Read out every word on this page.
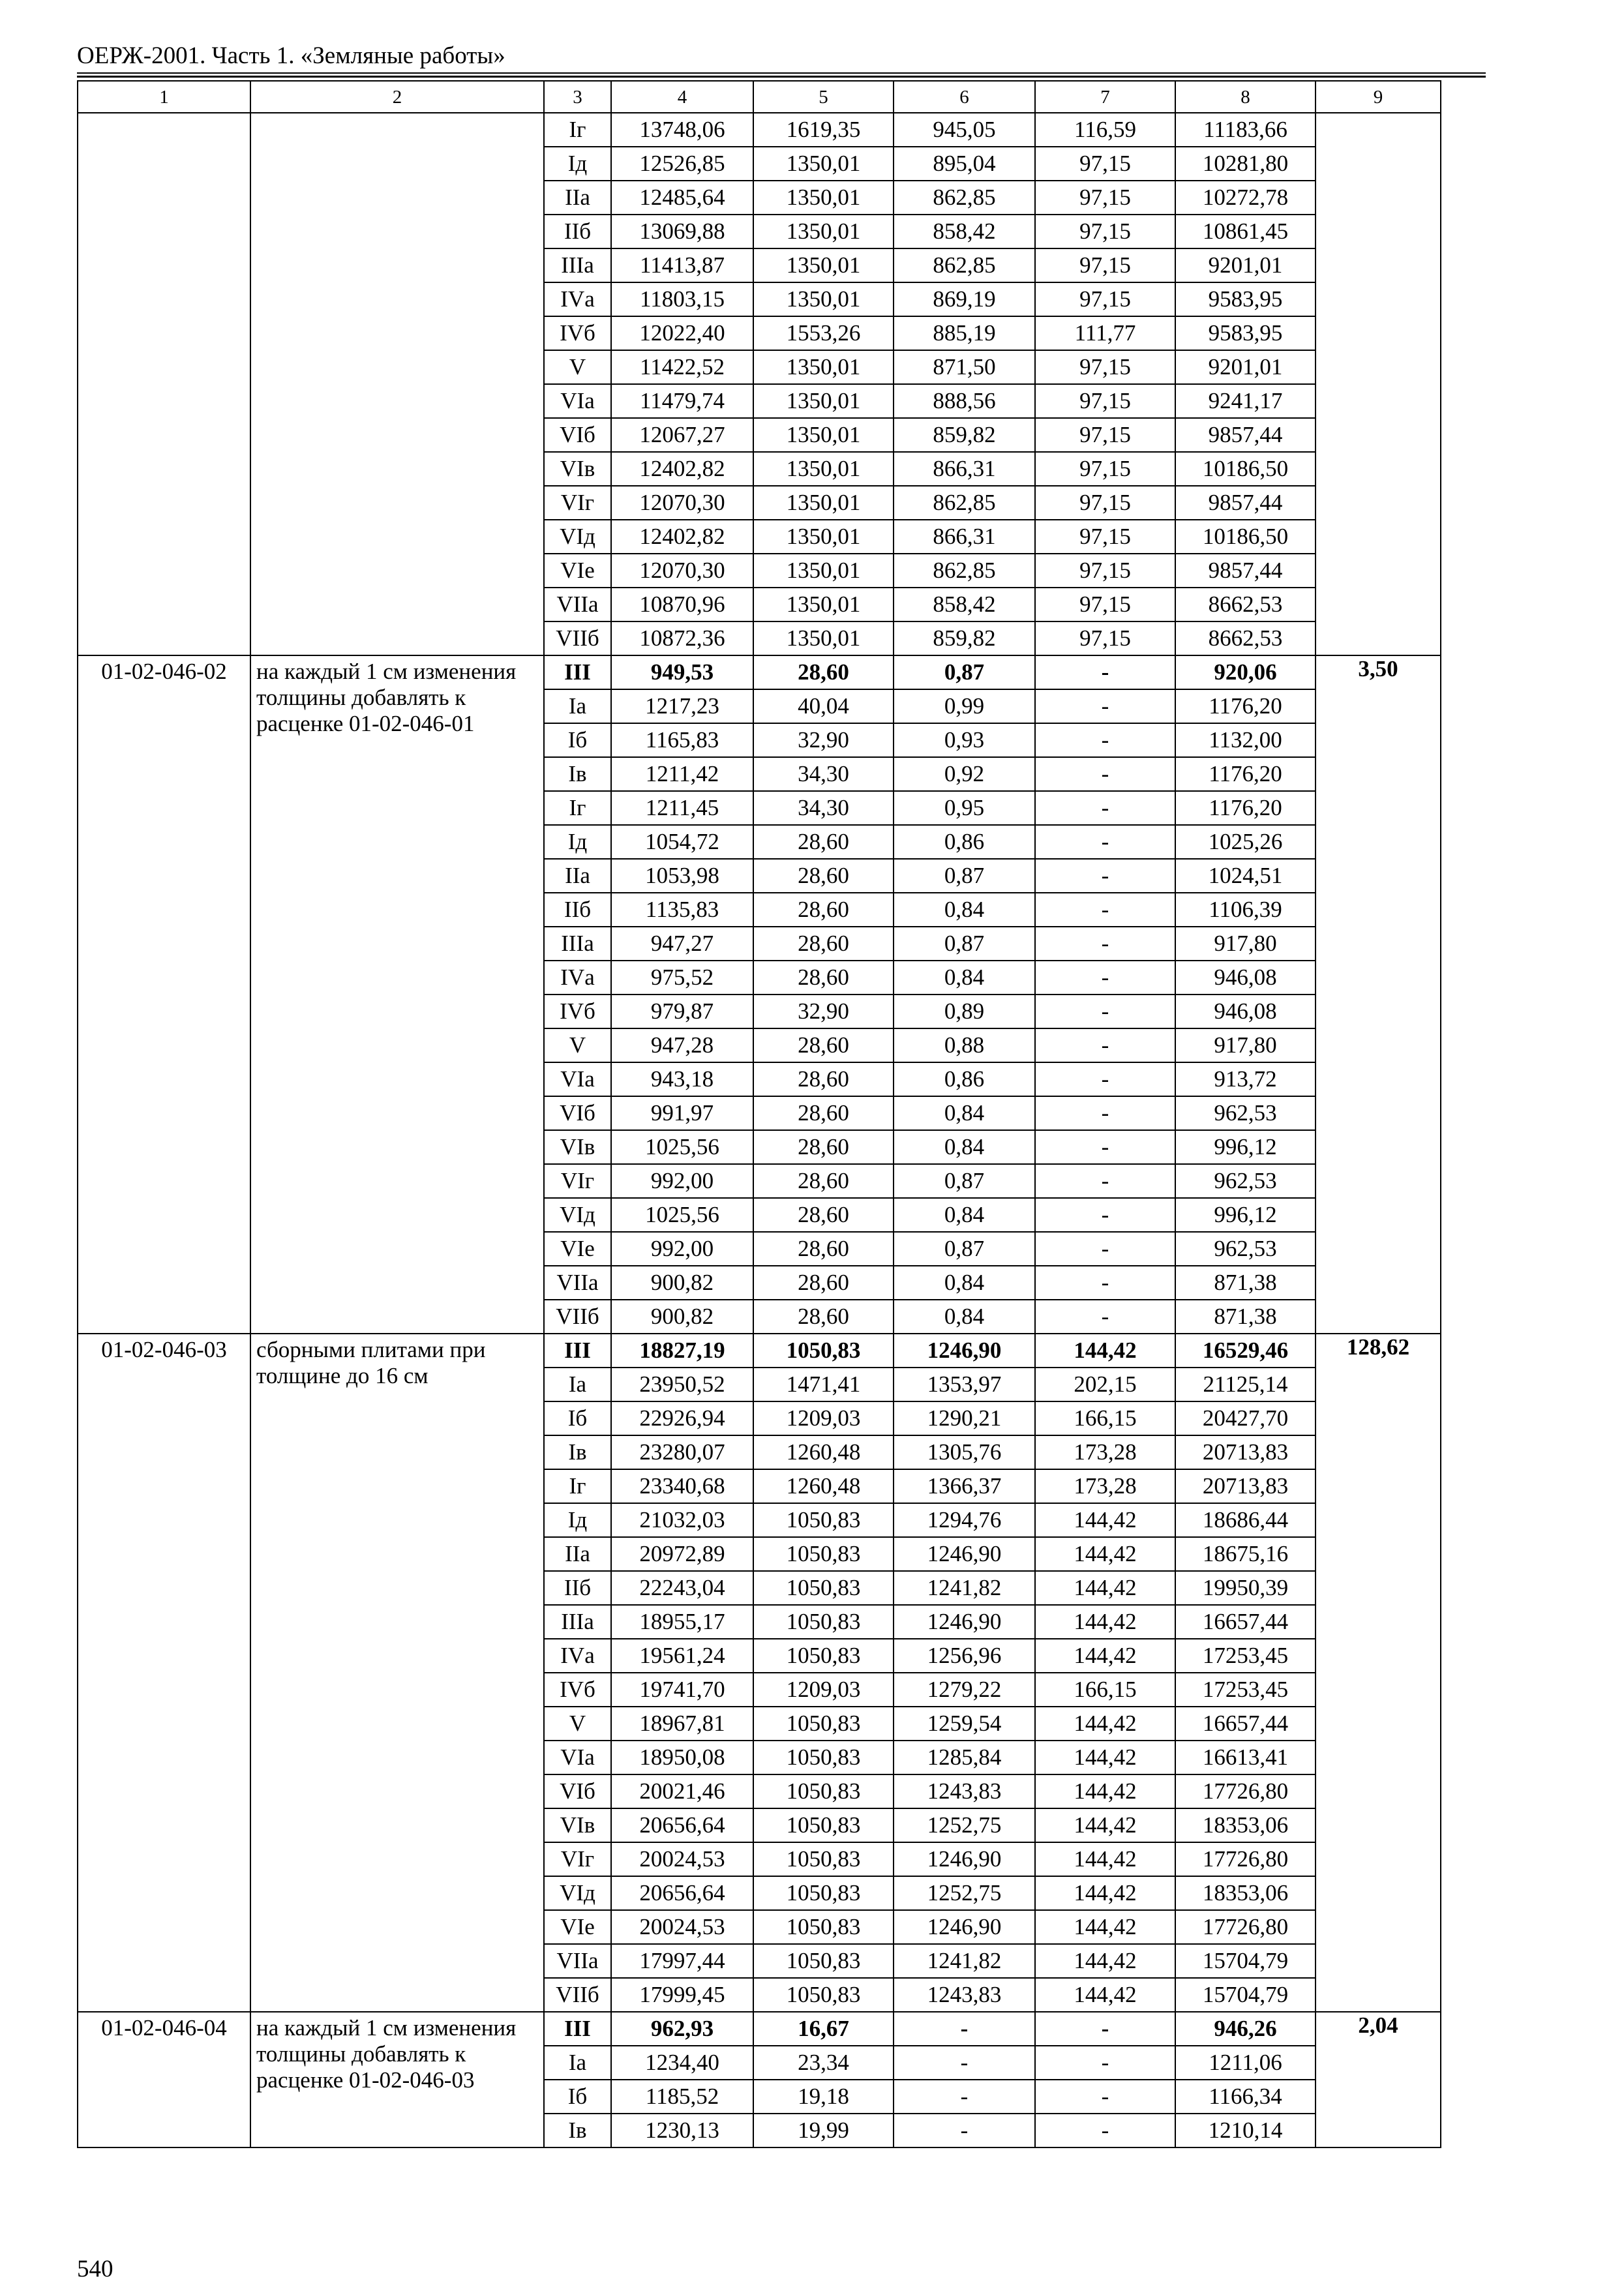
ОЕРЖ-2001. Часть 1. «Земляные работы»
1	2	3	4	5	6	7	8	9
		Iг	13748,06	1619,35	945,05	116,59	11183,66	
		Iд	12526,85	1350,01	895,04	97,15	10281,80	
		IIа	12485,64	1350,01	862,85	97,15	10272,78	
		IIб	13069,88	1350,01	858,42	97,15	10861,45	
		IIIа	11413,87	1350,01	862,85	97,15	9201,01	
		IVа	11803,15	1350,01	869,19	97,15	9583,95	
		IVб	12022,40	1553,26	885,19	111,77	9583,95	
		V	11422,52	1350,01	871,50	97,15	9201,01	
		VIа	11479,74	1350,01	888,56	97,15	9241,17	
		VIб	12067,27	1350,01	859,82	97,15	9857,44	
		VIв	12402,82	1350,01	866,31	97,15	10186,50	
		VIг	12070,30	1350,01	862,85	97,15	9857,44	
		VIд	12402,82	1350,01	866,31	97,15	10186,50	
		VIе	12070,30	1350,01	862,85	97,15	9857,44	
		VIIа	10870,96	1350,01	858,42	97,15	8662,53	
		VIIб	10872,36	1350,01	859,82	97,15	8662,53	
01-02-046-02	на каждый 1 см изменения толщины добавлять к расценке 01-02-046-01	III	949,53	28,60	0,87	-	920,06	3,50
		Iа	1217,23	40,04	0,99	-	1176,20	
		Iб	1165,83	32,90	0,93	-	1132,00	
		Iв	1211,42	34,30	0,92	-	1176,20	
		Iг	1211,45	34,30	0,95	-	1176,20	
		Iд	1054,72	28,60	0,86	-	1025,26	
		IIа	1053,98	28,60	0,87	-	1024,51	
		IIб	1135,83	28,60	0,84	-	1106,39	
		IIIа	947,27	28,60	0,87	-	917,80	
		IVа	975,52	28,60	0,84	-	946,08	
		IVб	979,87	32,90	0,89	-	946,08	
		V	947,28	28,60	0,88	-	917,80	
		VIа	943,18	28,60	0,86	-	913,72	
		VIб	991,97	28,60	0,84	-	962,53	
		VIв	1025,56	28,60	0,84	-	996,12	
		VIг	992,00	28,60	0,87	-	962,53	
		VIд	1025,56	28,60	0,84	-	996,12	
		VIе	992,00	28,60	0,87	-	962,53	
		VIIа	900,82	28,60	0,84	-	871,38	
		VIIб	900,82	28,60	0,84	-	871,38	
01-02-046-03	сборными плитами при толщине до 16 см	III	18827,19	1050,83	1246,90	144,42	16529,46	128,62
		Iа	23950,52	1471,41	1353,97	202,15	21125,14	
		Iб	22926,94	1209,03	1290,21	166,15	20427,70	
		Iв	23280,07	1260,48	1305,76	173,28	20713,83	
		Iг	23340,68	1260,48	1366,37	173,28	20713,83	
		Iд	21032,03	1050,83	1294,76	144,42	18686,44	
		IIа	20972,89	1050,83	1246,90	144,42	18675,16	
		IIб	22243,04	1050,83	1241,82	144,42	19950,39	
		IIIа	18955,17	1050,83	1246,90	144,42	16657,44	
		IVа	19561,24	1050,83	1256,96	144,42	17253,45	
		IVб	19741,70	1209,03	1279,22	166,15	17253,45	
		V	18967,81	1050,83	1259,54	144,42	16657,44	
		VIа	18950,08	1050,83	1285,84	144,42	16613,41	
		VIб	20021,46	1050,83	1243,83	144,42	17726,80	
		VIв	20656,64	1050,83	1252,75	144,42	18353,06	
		VIг	20024,53	1050,83	1246,90	144,42	17726,80	
		VIд	20656,64	1050,83	1252,75	144,42	18353,06	
		VIе	20024,53	1050,83	1246,90	144,42	17726,80	
		VIIа	17997,44	1050,83	1241,82	144,42	15704,79	
		VIIб	17999,45	1050,83	1243,83	144,42	15704,79	
01-02-046-04	на каждый 1 см изменения толщины добавлять к расценке 01-02-046-03	III	962,93	16,67	-	-	946,26	2,04
		Iа	1234,40	23,34	-	-	1211,06	
		Iб	1185,52	19,18	-	-	1166,34	
		Iв	1230,13	19,99	-	-	1210,14	
540
